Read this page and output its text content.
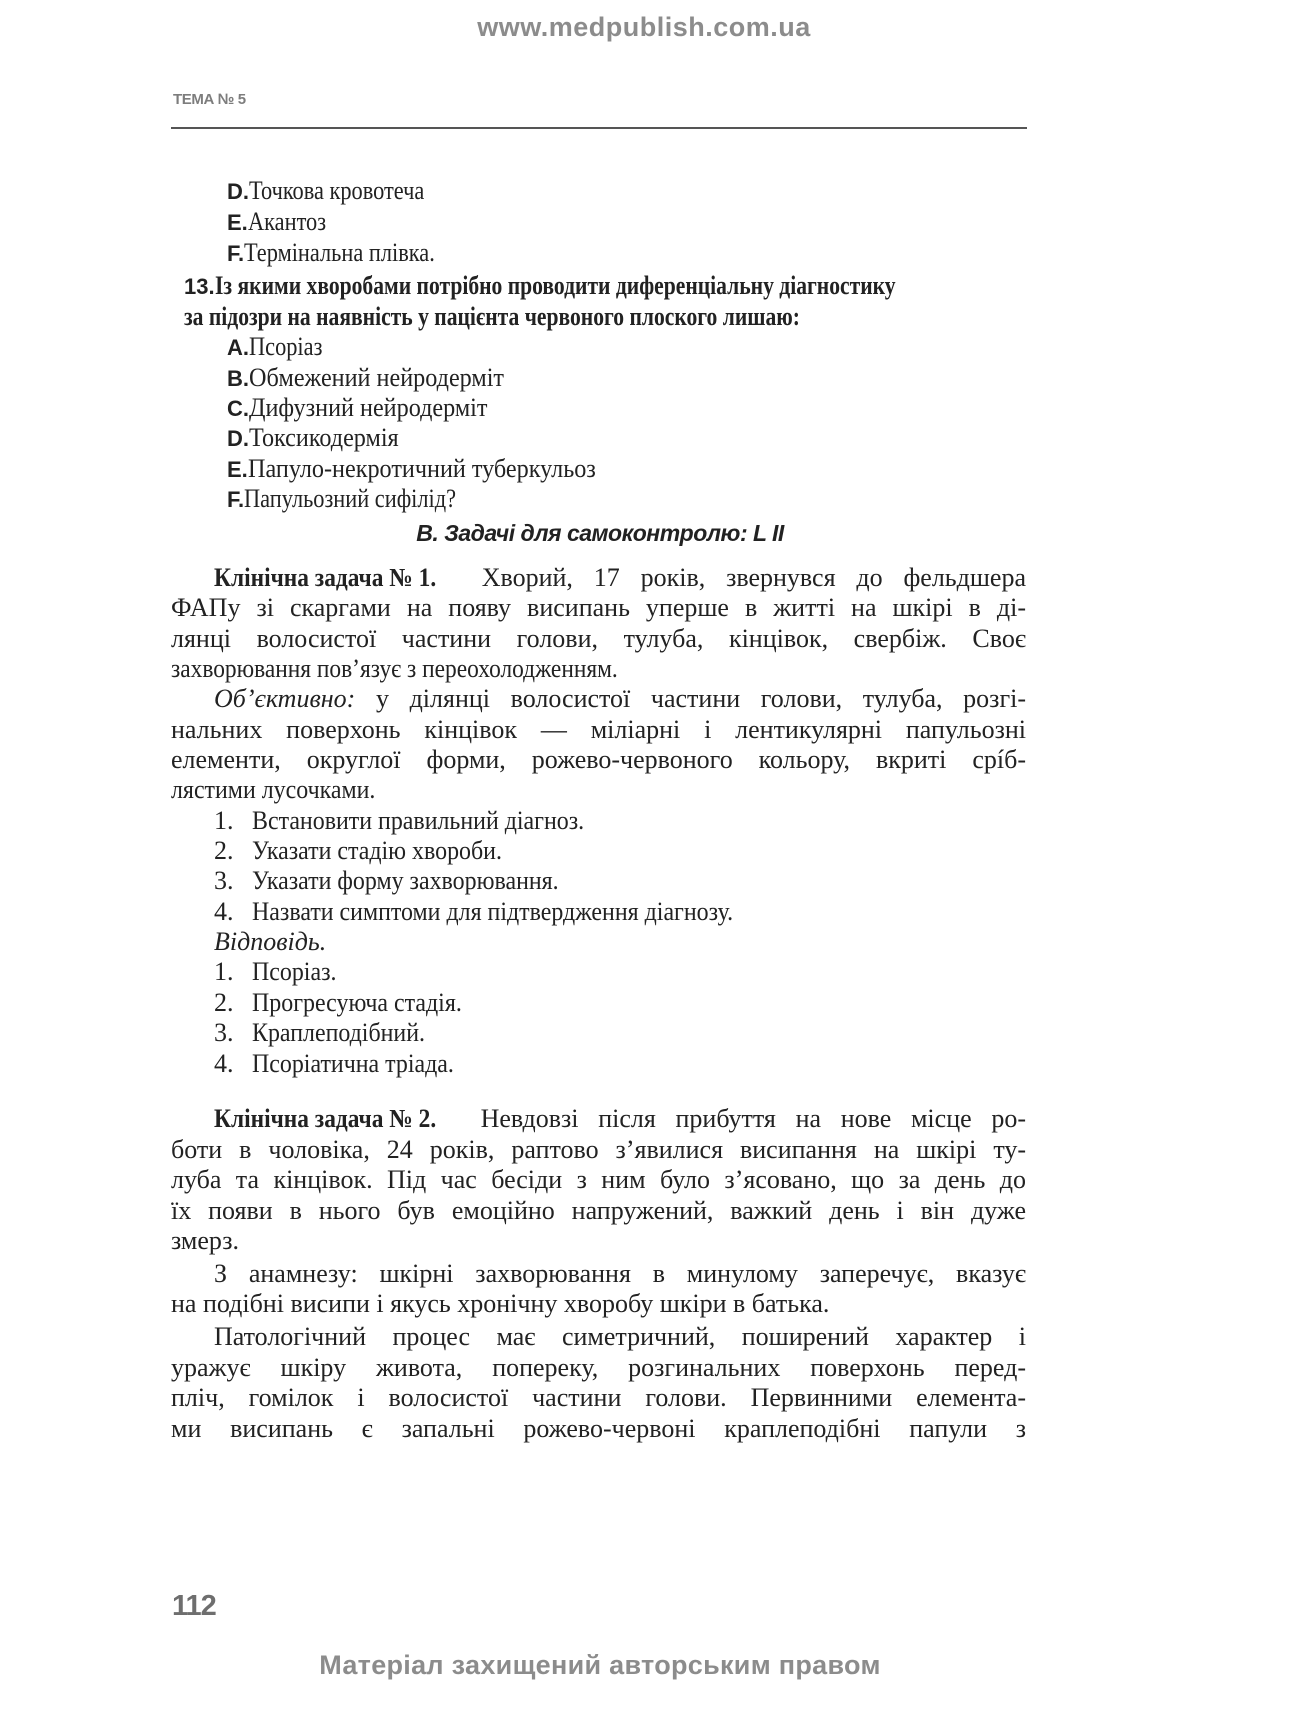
www.medpublish.com.ua
ТЕМА № 5

D.Точкова кровотеча

E.Акантоз

F.Термінальна плівка.

13.Із якими хворобами потрібно проводити диференціальну діагностику

за підозри на наявність у пацієнта червоного плоского лишаю:

A.Псоріаз

B.Обмежений нейродерміт

C.Дифузний нейродерміт

D.Токсикодермія

E.Папуло-некротичний туберкульоз

F.Папульозний сифілід?

B. Задачі для самоконтролю: L II
Клінічна задача № 1. Хворий, 17 років, звернувся до фельдшера
ФАПу зі скаргами на появу висипань уперше в житті на шкірі в ді-
лянці волосистої частини голови, тулуба, кінцівок, свербіж. Своє
захворювання пов’язує з переохолодженням.
Об’єктивно: у ділянці волосистої частини голови, тулуба, розгі-
нальних поверхонь кінцівок — міліарні і лентикулярні папульозні
елементи, округлої форми, рожево-червоного кольору, вкриті срíб-
лястими лусочками.
1. Встановити правильний діагноз.
2. Указати стадію хвороби.
3. Указати форму захворювання.
4. Назвати симптоми для підтвердження діагнозу.
Відповідь.
1. Псоріаз.
2. Прогресуюча стадія.
3. Краплеподібний.
4. Псоріатична тріада.
Клінічна задача № 2. Невдовзі після прибуття на нове місце ро-
боти в чоловіка, 24 років, раптово з’явилися висипання на шкірі ту-
луба та кінцівок. Під час бесіди з ним було з’ясовано, що за день до
їх появи в нього був емоційно напружений, важкий день і він дуже
змерз.
З анамнезу: шкірні захворювання в минулому заперечує, вказує
на подібні висипи і якусь хронічну хворобу шкіри в батька.
Патологічний процес має симетричний, поширений характер і
уражує шкіру живота, попереку, розгинальних поверхонь перед-
пліч, гомілок і волосистої частини голови. Первинними елемента-
ми висипань є запальні рожево-червоні краплеподібні папули з
112
Матеріал захищений авторським правом
